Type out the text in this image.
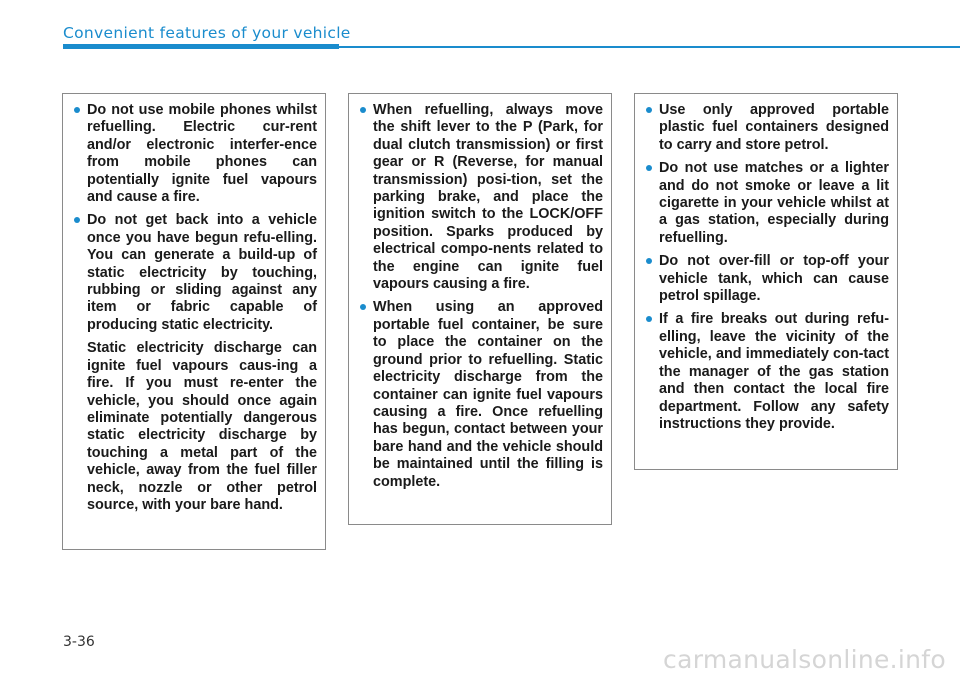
Convenient features of your vehicle
Do not use mobile phones whilst refuelling. Electric cur-rent and/or electronic interfer-ence from mobile phones can potentially ignite fuel vapours and cause a fire.
Do not get back into a vehicle once you have begun refu-elling. You can generate a build-up of static electricity by touching, rubbing or sliding against any item or fabric capable of producing static electricity.
Static electricity discharge can ignite fuel vapours caus-ing a fire. If you must re-enter the vehicle, you should once again eliminate potentially dangerous static electricity discharge by touching a metal part of the vehicle, away from the fuel filler neck, nozzle or other petrol source, with your bare hand.
When refuelling, always move the shift lever to the P (Park, for dual clutch transmission) or first gear or R (Reverse, for manual transmission) posi-tion, set the parking brake, and place the ignition switch to the LOCK/OFF position. Sparks produced by electrical compo-nents related to the engine can ignite fuel vapours causing a fire.
When using an approved portable fuel container, be sure to place the container on the ground prior to refuelling. Static electricity discharge from the container can ignite fuel vapours causing a fire. Once refuelling has begun, contact between your bare hand and the vehicle should be maintained until the filling is complete.
Use only approved portable plastic fuel containers designed to carry and store petrol.
Do not use matches or a lighter and do not smoke or leave a lit cigarette in your vehicle whilst at a gas station, especially during refuelling.
Do not over-fill or top-off your vehicle tank, which can cause petrol spillage.
If a fire breaks out during refu-elling, leave the vicinity of the vehicle, and immediately con-tact the manager of the gas station and then contact the local fire department. Follow any safety instructions they provide.
3-36
carmanualsonline.info
